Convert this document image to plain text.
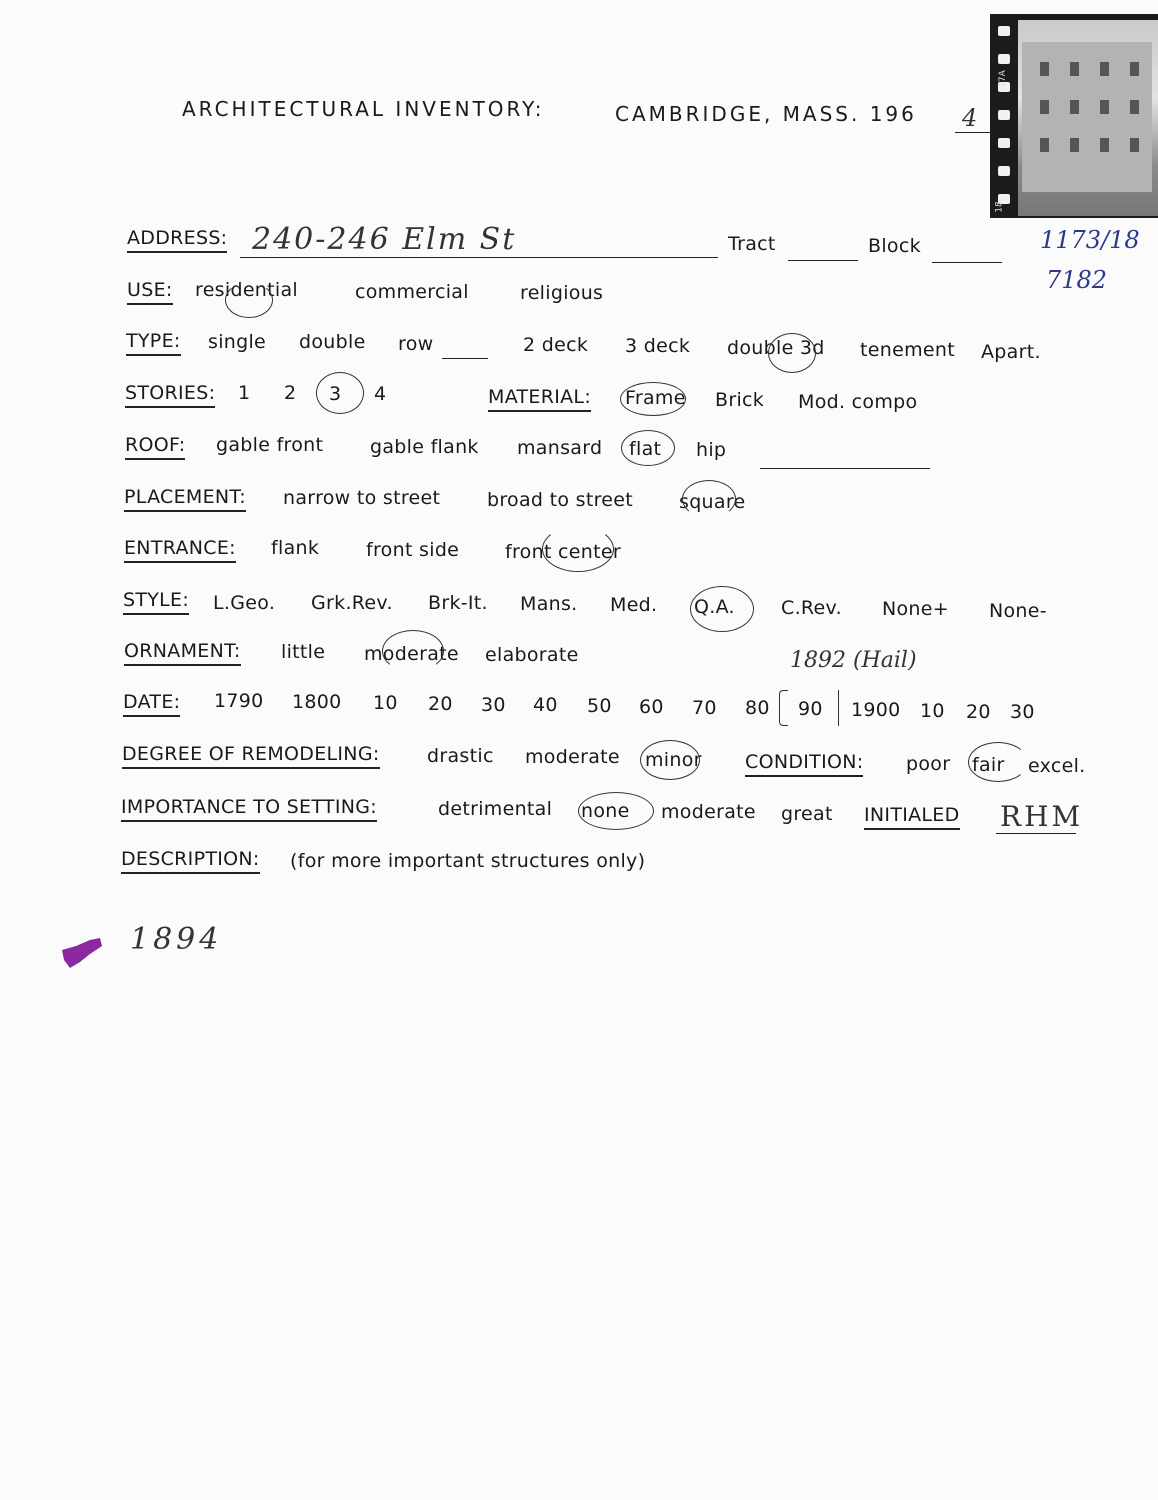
ARCHITECTURAL INVENTORY:	CAMBRIDGE, MASS. 196 4
17A
18
ADDRESS: 240-246 Elm St	Tract	Block	1173/18
7182
USE: residential	commercial	religious
TYPE: single double row	2 deck 3 deck double 3d tenement Apart.
STORIES: 1 2 3 4	MATERIAL: Frame Brick Mod. compo
ROOF: gable front gable flank mansard flat hip
PLACEMENT: narrow to street broad to street square
ENTRANCE: flank front side front center
STYLE: L.Geo. Grk.Rev. Brk-It. Mans. Med. Q.A. C.Rev. None+ None-
ORNAMENT: little moderate elaborate	1892 (Hail)
DATE: 1790 1800 10 20 30 40 50 60 70 80 90 1900 10 20 30
DEGREE OF REMODELING: drastic moderate minor CONDITION: poor fair excel.
IMPORTANCE TO SETTING:	detrimental none moderate great INITIALED RHM
DESCRIPTION: (for more important structures only)
1894
